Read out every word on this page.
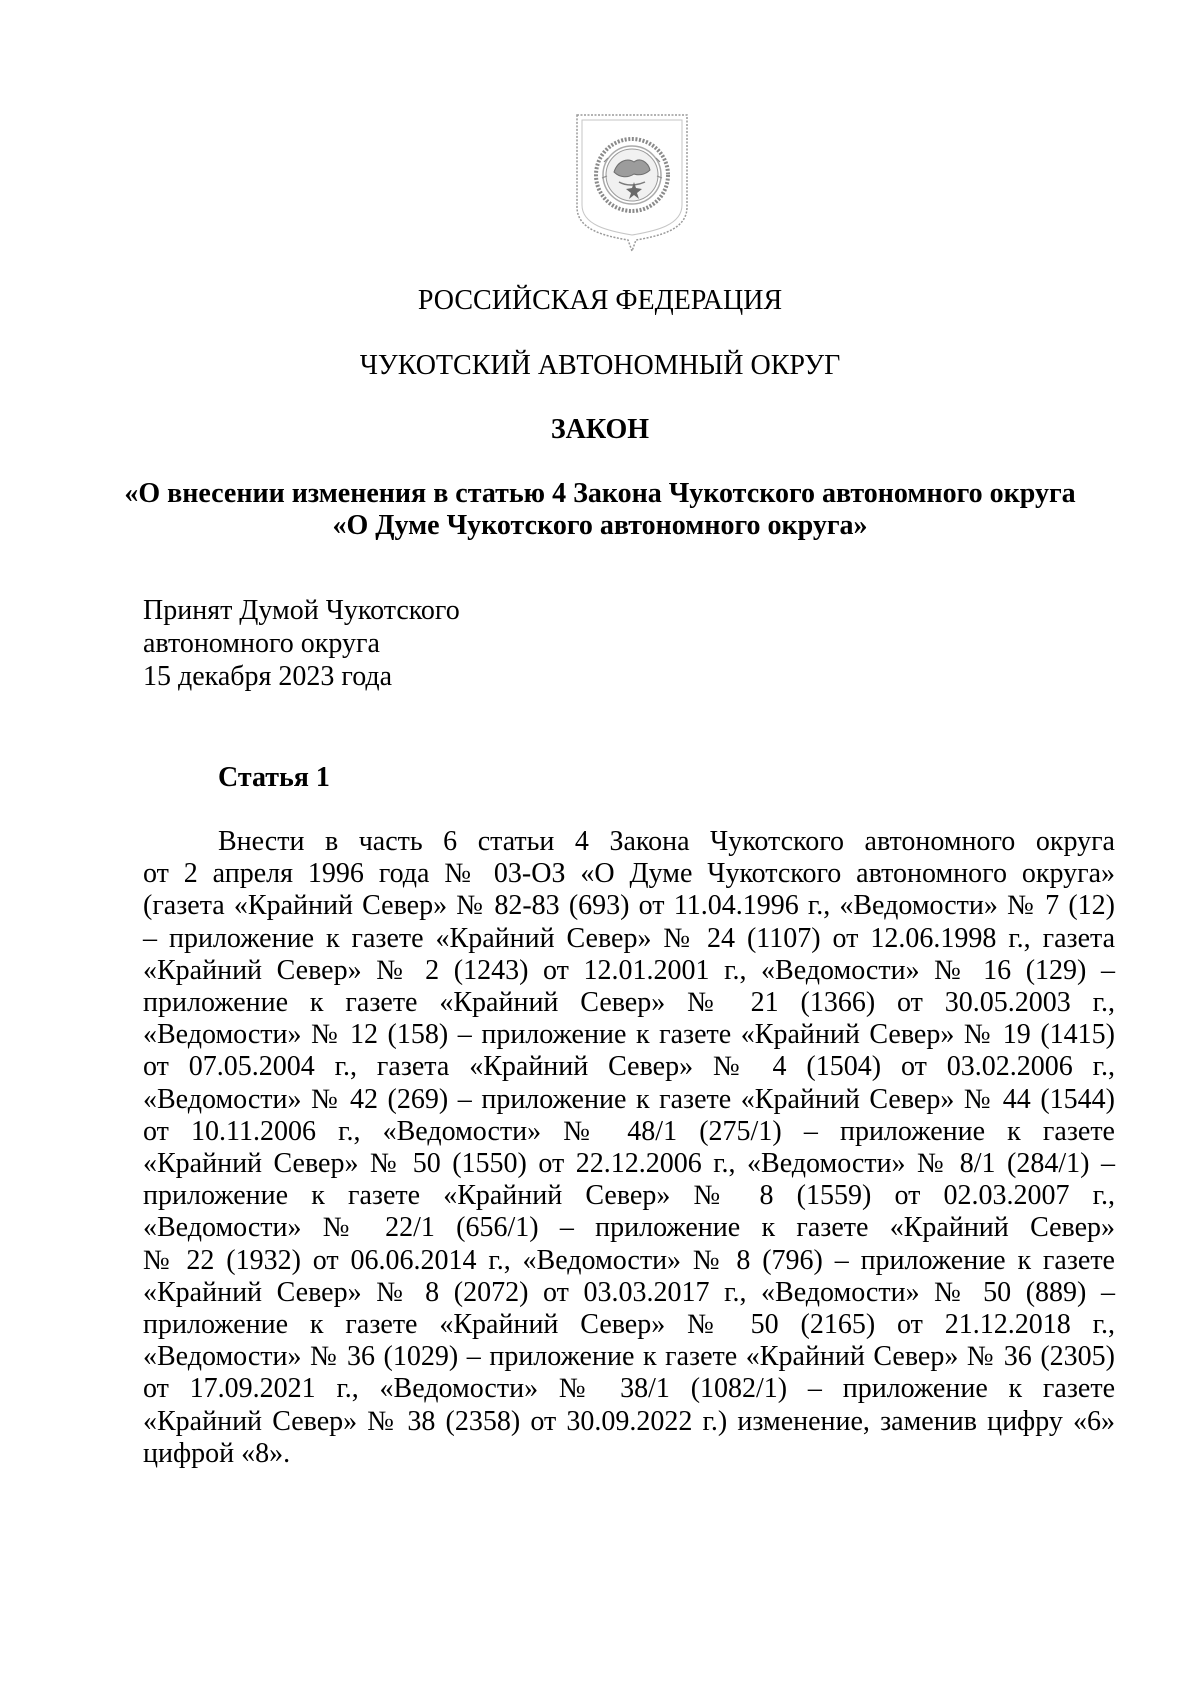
РОССИЙСКАЯ ФЕДЕРАЦИЯ
ЧУКОТСКИЙ АВТОНОМНЫЙ ОКРУГ
ЗАКОН
«О внесении изменения в статью 4 Закона Чукотского автономного округа
«О Думе Чукотского автономного округа»
Принят Думой Чукотского
автономного округа
15 декабря 2023 года
Статья 1
Внести в часть 6 статьи 4 Закона Чукотского автономного округа
от 2 апреля 1996 года № 03-ОЗ «О Думе Чукотского автономного округа»
(газета «Крайний Север» № 82-83 (693) от 11.04.1996 г., «Ведомости» № 7 (12)
– приложение к газете «Крайний Север» № 24 (1107) от 12.06.1998 г., газета
«Крайний Север» № 2 (1243) от 12.01.2001 г., «Ведомости» № 16 (129) –
приложение к газете «Крайний Север» № 21 (1366) от 30.05.2003 г.,
«Ведомости» № 12 (158) – приложение к газете «Крайний Север» № 19 (1415)
от 07.05.2004 г., газета «Крайний Север» № 4 (1504) от 03.02.2006 г.,
«Ведомости» № 42 (269) – приложение к газете «Крайний Север» № 44 (1544)
от 10.11.2006 г., «Ведомости» № 48/1 (275/1) – приложение к газете
«Крайний Север» № 50 (1550) от 22.12.2006 г., «Ведомости» № 8/1 (284/1) –
приложение к газете «Крайний Север» № 8 (1559) от 02.03.2007 г.,
«Ведомости» № 22/1 (656/1) – приложение к газете «Крайний Север»
№ 22 (1932) от 06.06.2014 г., «Ведомости» № 8 (796) – приложение к газете
«Крайний Север» № 8 (2072) от 03.03.2017 г., «Ведомости» № 50 (889) –
приложение к газете «Крайний Север» № 50 (2165) от 21.12.2018 г.,
«Ведомости» № 36 (1029) – приложение к газете «Крайний Север» № 36 (2305)
от 17.09.2021 г., «Ведомости» № 38/1 (1082/1) – приложение к газете
«Крайний Север» № 38 (2358) от 30.09.2022 г.) изменение, заменив цифру «6»
цифрой «8».
